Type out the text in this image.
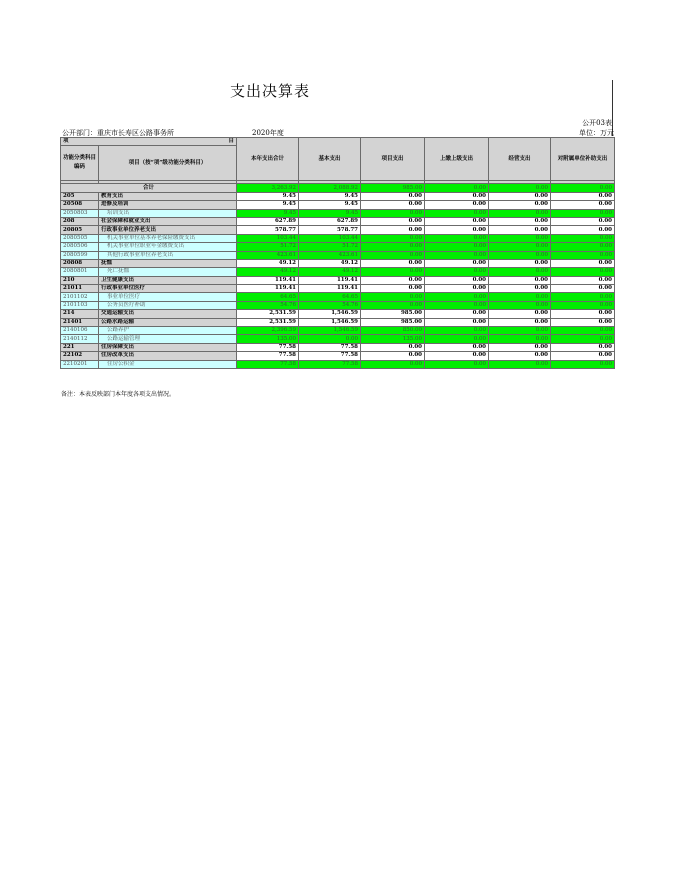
支出决算表
公开03表
公开部门：重庆市长寿区公路事务所	2020年度	单位：万元
项 目		本年支出合计	基本支出	项目支出	上缴上级支出	经营支出	对附属单位补助支出
功能分类科目编码	项目（按“项”级功能分类科目）						

合计		3,263.92	2,088.92	985.00	0.00	0.00	0.00
205	教育支出	9.45	9.45	0.00	0.00	0.00	0.00
20508	进修及培训	9.45	9.45	0.00	0.00	0.00	0.00
2050803	培训支出	9.45	9.45	0.00	0.00	0.00	0.00
208	社会保障和就业支出	627.89	627.89	0.00	0.00	0.00	0.00
20805	行政事业单位养老支出	578.77	578.77	0.00	0.00	0.00	0.00
2080505	机关事业单位基本养老保险缴费支出	103.44	103.44	0.00	0.00	0.00	0.00
2080506	机关事业单位职业年金缴费支出	51.72	51.72	0.00	0.00	0.00	0.00
2080599	其他行政事业单位养老支出	423.61	423.61	0.00	0.00	0.00	0.00
20808	抚恤	49.12	49.12	0.00	0.00	0.00	0.00
2080801	死亡抚恤	49.12	49.12	0.00	0.00	0.00	0.00
210	卫生健康支出	119.41	119.41	0.00	0.00	0.00	0.00
21011	行政事业单位医疗	119.41	119.41	0.00	0.00	0.00	0.00
2101102	事业单位医疗	64.65	64.65	0.00	0.00	0.00	0.00
2101103	公务员医疗补助	54.76	54.76	0.00	0.00	0.00	0.00
214	交通运输支出	2,531.59	1,546.59	985.00	0.00	0.00	0.00
21401	公路水路运输	2,531.59	1,546.59	985.00	0.00	0.00	0.00
2140106	公路养护	2,396.59	1,546.59	850.00	0.00	0.00	0.00
2140112	公路运输管理	135.00	0.00	135.00	0.00	0.00	0.00
221	住房保障支出	77.58	77.58	0.00	0.00	0.00	0.00
22102	住房改革支出	77.58	77.58	0.00	0.00	0.00	0.00
2210201	住房公积金	77.58	77.58	0.00	0.00	0.00	0.00
备注：本表反映部门本年度各项支出情况。
